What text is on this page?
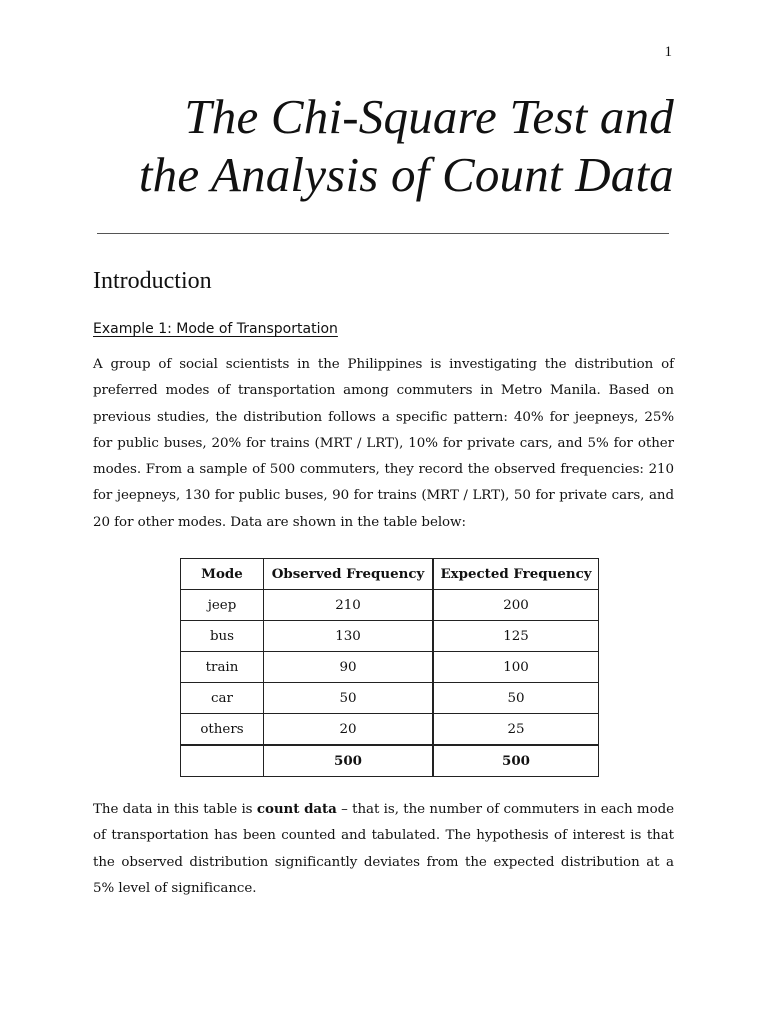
1
The Chi-Square Test and
the Analysis of Count Data
Introduction
Example 1: Mode of Transportation

A group of social scientists in the Philippines is investigating the distribution of preferred modes of transportation among commuters in Metro Manila. Based on previous studies, the distribution follows a specific pattern: 40% for jeepneys, 25% for public buses, 20% for trains (MRT / LRT), 10% for private cars, and 5% for other modes. From a sample of 500 commuters, they record the observed frequencies: 210 for jeepneys, 130 for public buses, 90 for trains (MRT / LRT), 50 for private cars, and 20 for other modes. Data are shown in the table below:

Mode	Observed Frequency	Expected Frequency
jeep	210	200
bus	130	125
train	90	100
car	50	50
others	20	25
	500	500

The data in this table is count data – that is, the number of commuters in each mode of transportation has been counted and tabulated. The hypothesis of interest is that the observed distribution significantly deviates from the expected distribution at a 5% level of significance.
